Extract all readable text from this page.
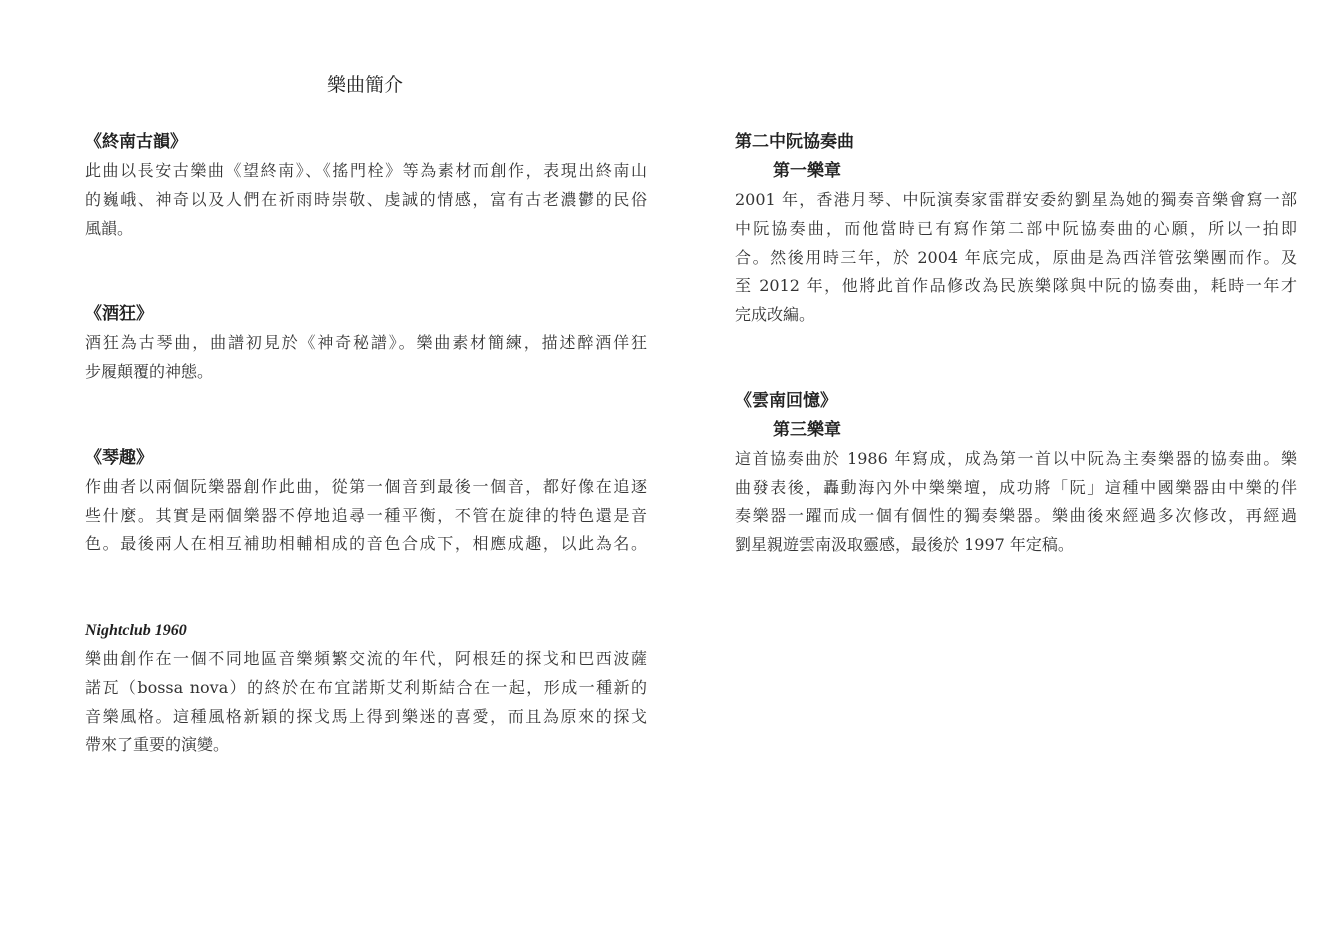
樂曲簡介
《終南古韻》
此曲以長安古樂曲《望終南》、《搖門栓》等為素材而創作，表現出終南山
的巍峨、神奇以及人們在祈雨時崇敬、虔誠的情感，富有古老濃鬱的民俗
風韻。
《酒狂》
酒狂為古琴曲，曲譜初見於《神奇秘譜》。樂曲素材簡練，描述醉酒佯狂
步履顛覆的神態。
《琴趣》
作曲者以兩個阮樂器創作此曲，從第一個音到最後一個音，都好像在追逐
些什麼。其實是兩個樂器不停地追尋一種平衡，不管在旋律的特色還是音
色。最後兩人在相互補助相輔相成的音色合成下，相應成趣，以此為名。
Nightclub 1960
樂曲創作在一個不同地區音樂頻繁交流的年代，阿根廷的探戈和巴西波薩
諾瓦（bossa nova）的終於在布宜諾斯艾利斯結合在一起，形成一種新的
音樂風格。這種風格新穎的探戈馬上得到樂迷的喜愛，而且為原來的探戈
帶來了重要的演變。
第二中阮協奏曲
第一樂章
2001 年，香港月琴、中阮演奏家雷群安委約劉星為她的獨奏音樂會寫一部
中阮協奏曲，而他當時已有寫作第二部中阮協奏曲的心願，所以一拍即
合。然後用時三年，於 2004 年底完成，原曲是為西洋管弦樂團而作。及
至 2012 年，他將此首作品修改為民族樂隊與中阮的協奏曲，耗時一年才
完成改編。
《雲南回憶》
第三樂章
這首協奏曲於 1986 年寫成，成為第一首以中阮為主奏樂器的協奏曲。樂
曲發表後，轟動海內外中樂樂壇，成功將「阮」這種中國樂器由中樂的伴
奏樂器一躍而成一個有個性的獨奏樂器。樂曲後來經過多次修改，再經過
劉星親遊雲南汲取靈感，最後於 1997 年定稿。
